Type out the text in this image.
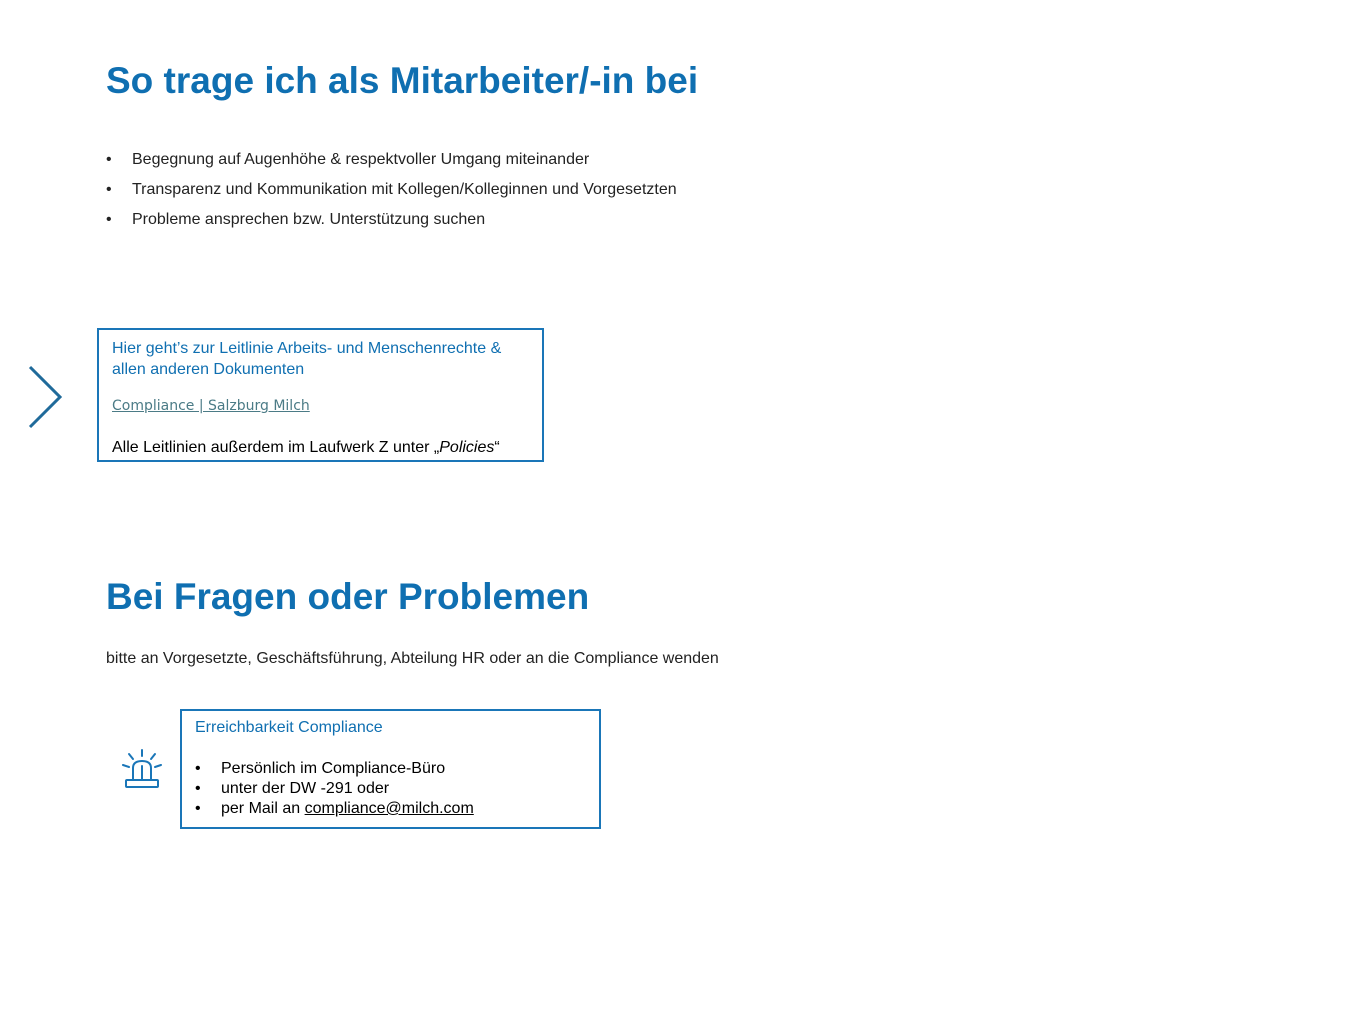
So trage ich als Mitarbeiter/-in bei
• Begegnung auf Augenhöhe & respektvoller Umgang miteinander
• Transparenz und Kommunikation mit Kollegen/Kolleginnen und Vorgesetzten
• Probleme ansprechen bzw. Unterstützung suchen
Hier geht’s zur Leitlinie Arbeits- und Menschenrechte & allen anderen Dokumenten
Compliance | Salzburg Milch
Alle Leitlinien außerdem im Laufwerk Z unter „Policies“
Bei Fragen oder Problemen
bitte an Vorgesetzte, Geschäftsführung, Abteilung HR oder an die Compliance wenden
Erreichbarkeit Compliance
• Persönlich im Compliance-Büro
• unter der DW -291 oder
• per Mail an compliance@milch.com
